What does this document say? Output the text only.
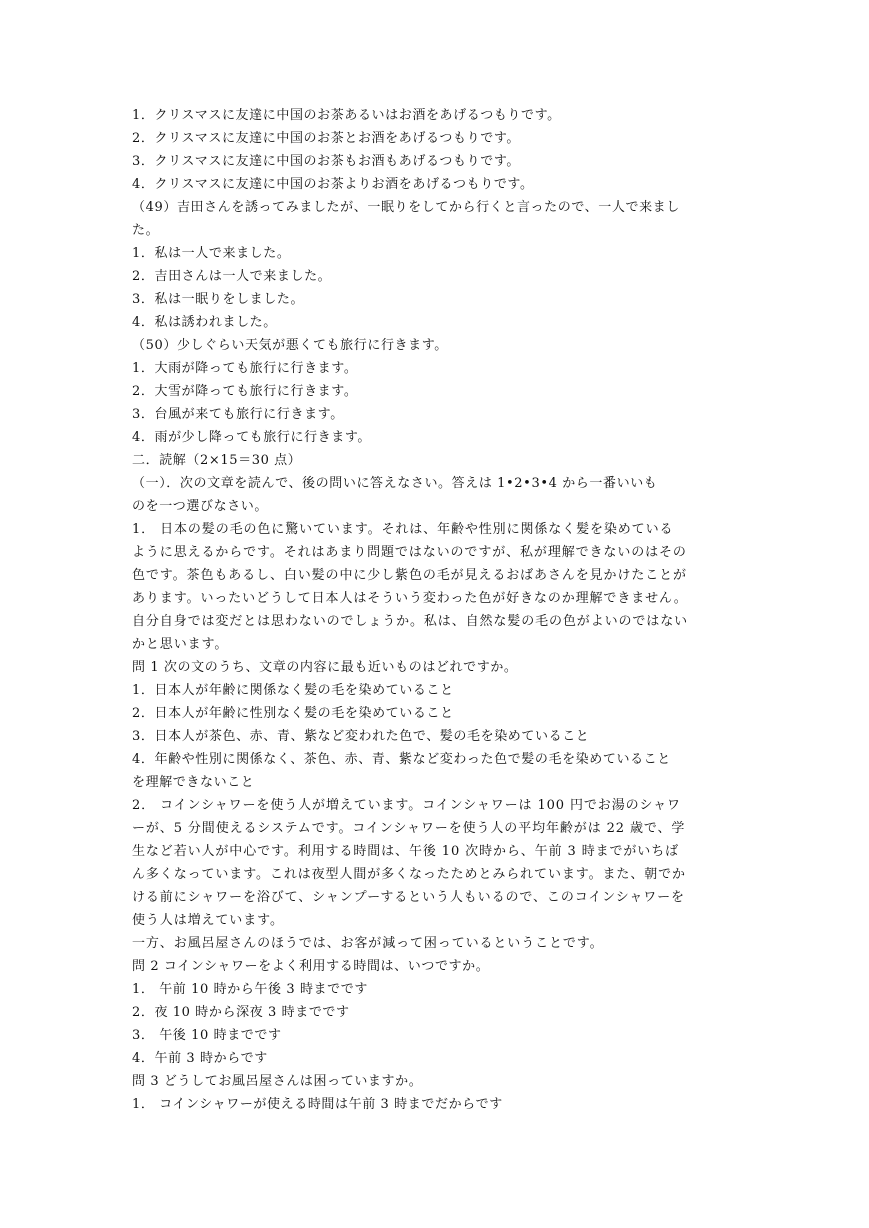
1．クリスマスに友達に中国のお茶あるいはお酒をあげるつもりです。
2．クリスマスに友達に中国のお茶とお酒をあげるつもりです。
3．クリスマスに友達に中国のお茶もお酒もあげるつもりです。
4．クリスマスに友達に中国のお茶よりお酒をあげるつもりです。
（49）吉田さんを誘ってみましたが、一眠りをしてから行くと言ったので、一人で来まし
た。
1．私は一人で来ました。
2．吉田さんは一人で来ました。
3．私は一眠りをしました。
4．私は誘われました。
（50）少しぐらい天気が悪くても旅行に行きます。
1．大雨が降っても旅行に行きます。
2．大雪が降っても旅行に行きます。
3．台風が来ても旅行に行きます。
4．雨が少し降っても旅行に行きます。
二．読解（2×15＝30 点）
（一）．次の文章を読んで、後の問いに答えなさい。答えは 1•2•3•4 から一番いいも
のを一つ選びなさい。
1． 日本の髪の毛の色に驚いています。それは、年齢や性別に関係なく髪を染めている
ように思えるからです。それはあまり問題ではないのですが、私が理解できないのはその
色です。茶色もあるし、白い髪の中に少し紫色の毛が見えるおばあさんを見かけたことが
あります。いったいどうして日本人はそういう変わった色が好きなのか理解できません。
自分自身では変だとは思わないのでしょうか。私は、自然な髪の毛の色がよいのではない
かと思います。
問 1 次の文のうち、文章の内容に最も近いものはどれですか。
1．日本人が年齢に関係なく髪の毛を染めていること
2．日本人が年齢に性別なく髪の毛を染めていること
3．日本人が茶色、赤、青、紫など変われた色で、髪の毛を染めていること
4．年齢や性別に関係なく、茶色、赤、青、紫など変わった色で髪の毛を染めていること
を理解できないこと
2． コインシャワーを使う人が増えています。コインシャワーは 100 円でお湯のシャワ
ーが、5 分間使えるシステムです。コインシャワーを使う人の平均年齢がは 22 歳で、学
生など若い人が中心です。利用する時間は、午後 10 次時から、午前 3 時までがいちば
ん多くなっています。これは夜型人間が多くなったためとみられています。また、朝でか
ける前にシャワーを浴びて、シャンプーするという人もいるので、このコインシャワーを
使う人は増えています。
一方、お風呂屋さんのほうでは、お客が減って困っているということです。
問 2 コインシャワーをよく利用する時間は、いつですか。
1． 午前 10 時から午後 3 時までです
2．夜 10 時から深夜 3 時までです
3． 午後 10 時までです
4．午前 3 時からです
問 3 どうしてお風呂屋さんは困っていますか。
1． コインシャワーが使える時間は午前 3 時までだからです
